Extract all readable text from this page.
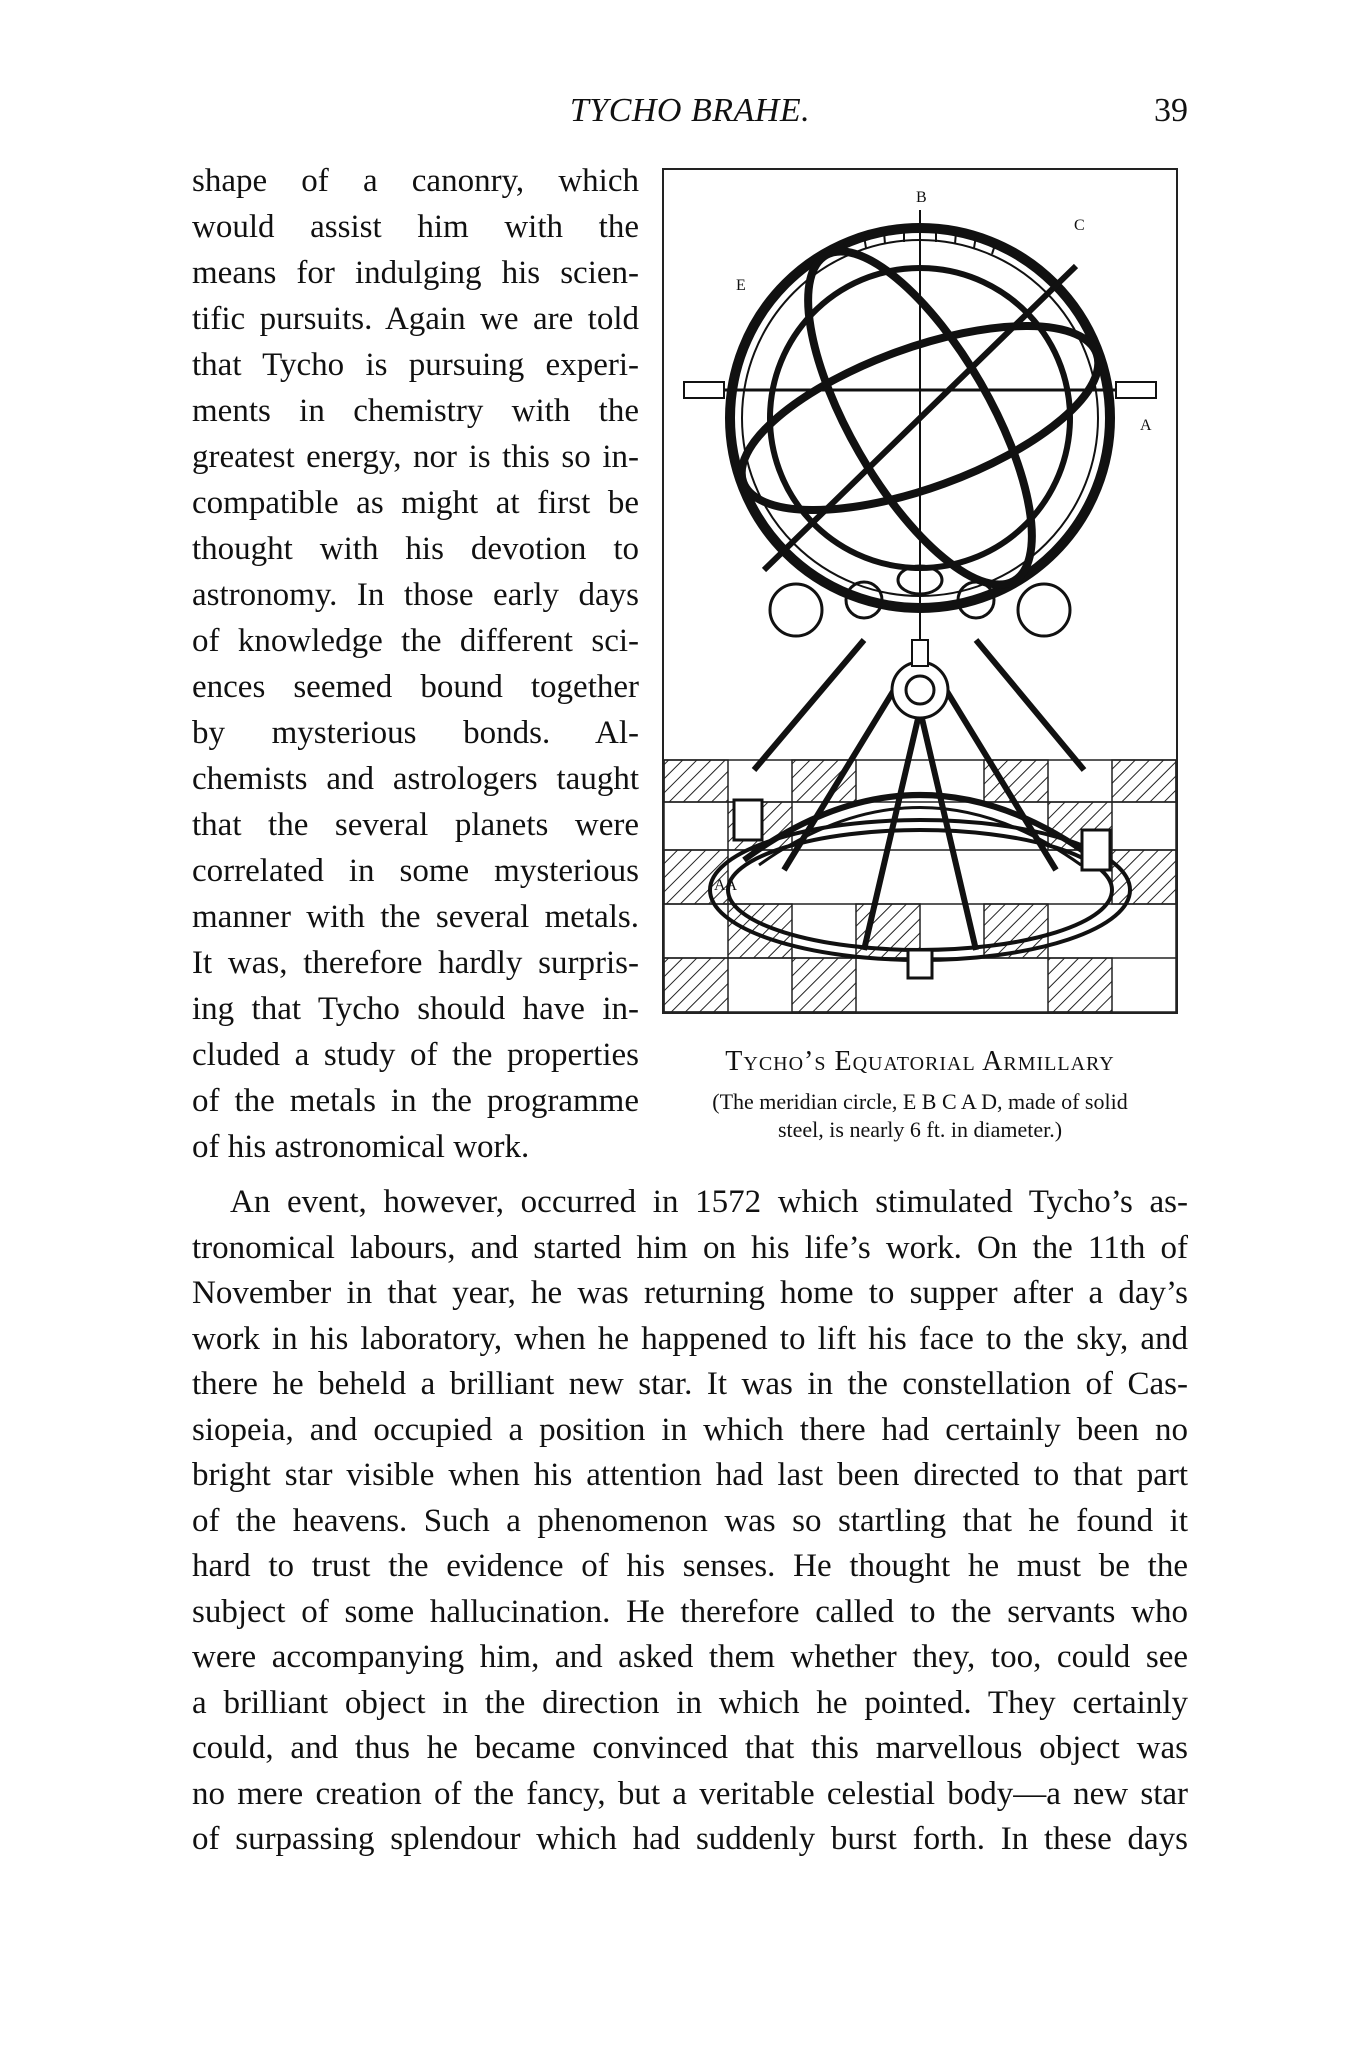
TYCHO BRAHE.	39
shape of a canonry, which
would assist him with the
means for indulging his scien-
tific pursuits. Again we are told
that Tycho is pursuing experi-
ments in chemistry with the
greatest energy, nor is this so in-
compatible as might at first be
thought with his devotion to
astronomy. In those early days
of knowledge the different sci-
ences seemed bound together
by mysterious bonds. Al-
chemists and astrologers taught
that the several planets were
correlated in some mysterious
manner with the several metals.
It was, therefore hardly surpris-
ing that Tycho should have in-
cluded a study of the properties
of the metals in the programme
of his astronomical work.
B
C
A
E
AA
Tycho’s Equatorial Armillary
(The meridian circle, E B C A D, made of solid
steel, is nearly 6 ft. in diameter.)
An event, however, occurred in 1572 which stimulated Tycho’s as-
tronomical labours, and started him on his life’s work. On the 11th of
November in that year, he was returning home to supper after a day’s
work in his laboratory, when he happened to lift his face to the sky, and
there he beheld a brilliant new star. It was in the constellation of Cas-
siopeia, and occupied a position in which there had certainly been no
bright star visible when his attention had last been directed to that part
of the heavens. Such a phenomenon was so startling that he found it
hard to trust the evidence of his senses. He thought he must be the
subject of some hallucination. He therefore called to the servants who
were accompanying him, and asked them whether they, too, could see
a brilliant object in the direction in which he pointed. They certainly
could, and thus he became convinced that this marvellous object was
no mere creation of the fancy, but a veritable celestial body—a new star
of surpassing splendour which had suddenly burst forth. In these days
